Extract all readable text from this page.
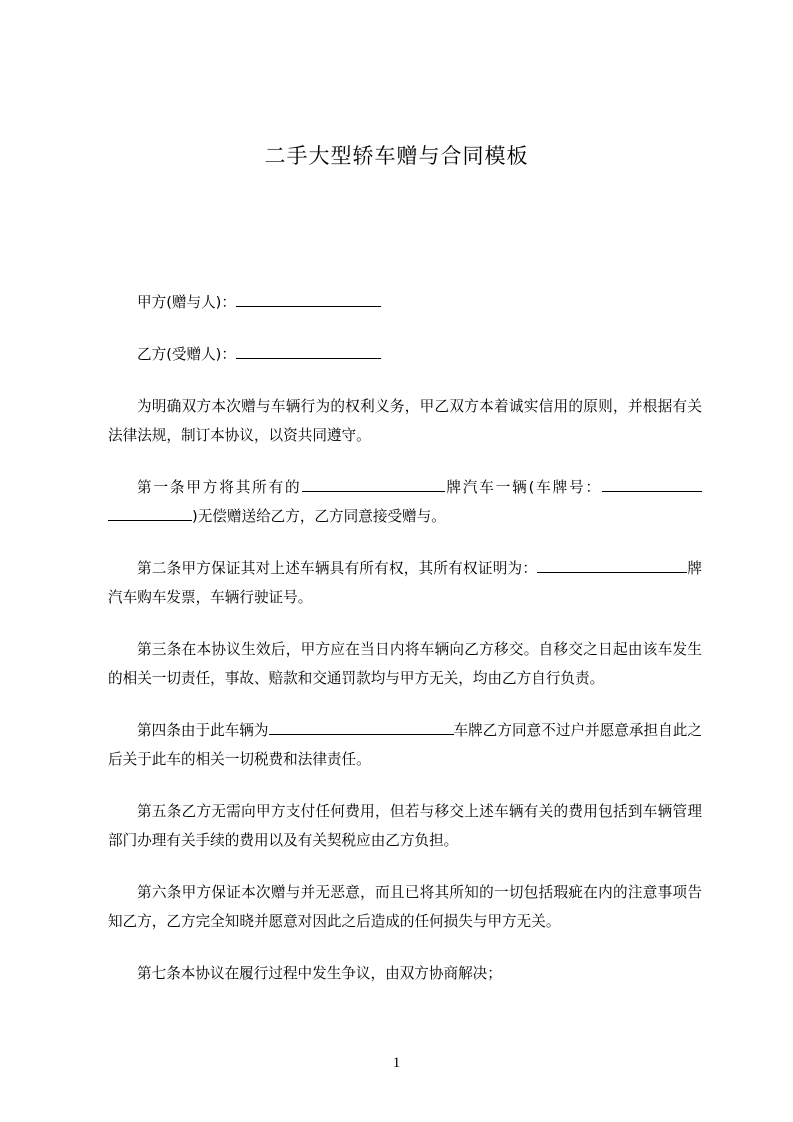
二手大型轿车赠与合同模板

甲方(赠与人)：

乙方(受赠人)：

为明确双方本次赠与车辆行为的权利义务，甲乙双方本着诚实信用的原则，并根据有关法律法规，制订本协议，以资共同遵守。

第一条甲方将其所有的	牌汽车一辆(车牌号：)无偿赠送给乙方，乙方同意接受赠与。

第二条甲方保证其对上述车辆具有所有权，其所有权证明为：	牌汽车购车发票，车辆行驶证号。

第三条在本协议生效后，甲方应在当日内将车辆向乙方移交。自移交之日起由该车发生的相关一切责任，事故、赔款和交通罚款均与甲方无关，均由乙方自行负责。

第四条由于此车辆为	车牌乙方同意不过户并愿意承担自此之后关于此车的相关一切税费和法律责任。

第五条乙方无需向甲方支付任何费用，但若与移交上述车辆有关的费用包括到车辆管理部门办理有关手续的费用以及有关契税应由乙方负担。

第六条甲方保证本次赠与并无恶意，而且已将其所知的一切包括瑕疵在内的注意事项告知乙方，乙方完全知晓并愿意对因此之后造成的任何损失与甲方无关。

第七条本协议在履行过程中发生争议，由双方协商解决；

1
